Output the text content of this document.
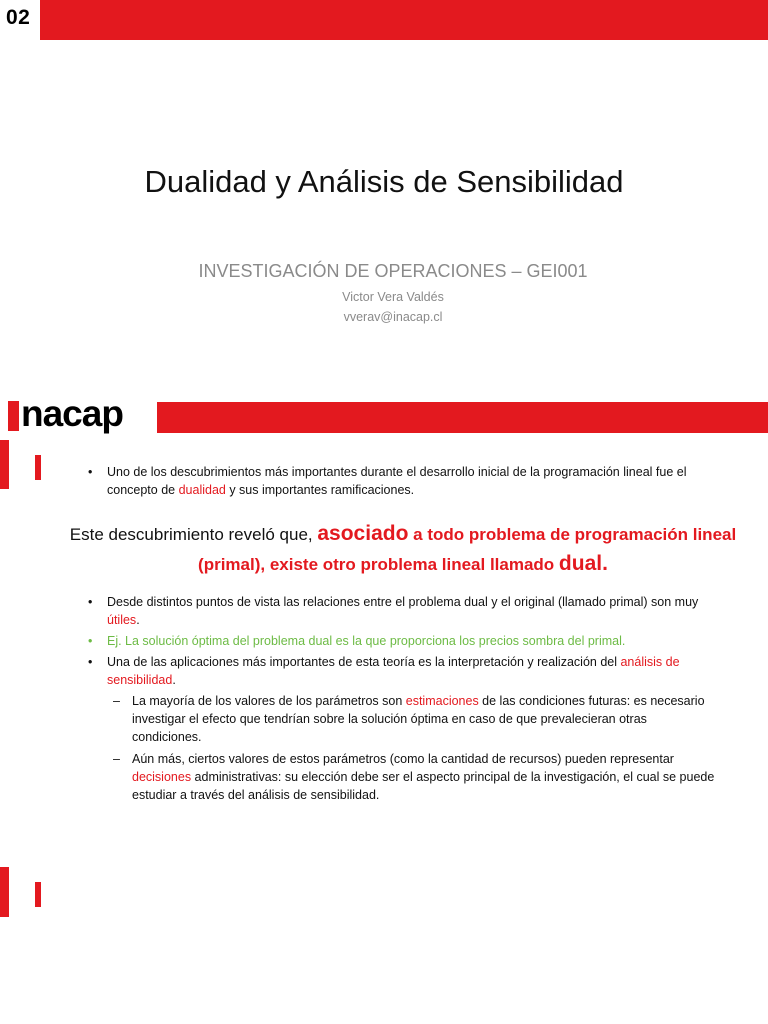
02
Dualidad y Análisis de Sensibilidad
INVESTIGACIÓN DE OPERACIONES – GEI001
Victor Vera Valdés
vverav@inacap.cl
nacap
• Uno de los descubrimientos más importantes durante el desarrollo inicial de la programación lineal fue el concepto de dualidad y sus importantes ramificaciones.
Este descubrimiento reveló que, asociado a todo problema de programación lineal (primal), existe otro problema lineal llamado dual.
• Desde distintos puntos de vista las relaciones entre el problema dual y el original (llamado primal) son muy útiles.
• Ej. La solución óptima del problema dual es la que proporciona los precios sombra del primal.
• Una de las aplicaciones más importantes de esta teoría es la interpretación y realización del análisis de sensibilidad.
– La mayoría de los valores de los parámetros son estimaciones de las condiciones futuras: es necesario investigar el efecto que tendrían sobre la solución óptima en caso de que prevalecieran otras condiciones.
– Aún más, ciertos valores de estos parámetros (como la cantidad de recursos) pueden representar decisiones administrativas: su elección debe ser el aspecto principal de la investigación, el cual se puede estudiar a través del análisis de sensibilidad.
